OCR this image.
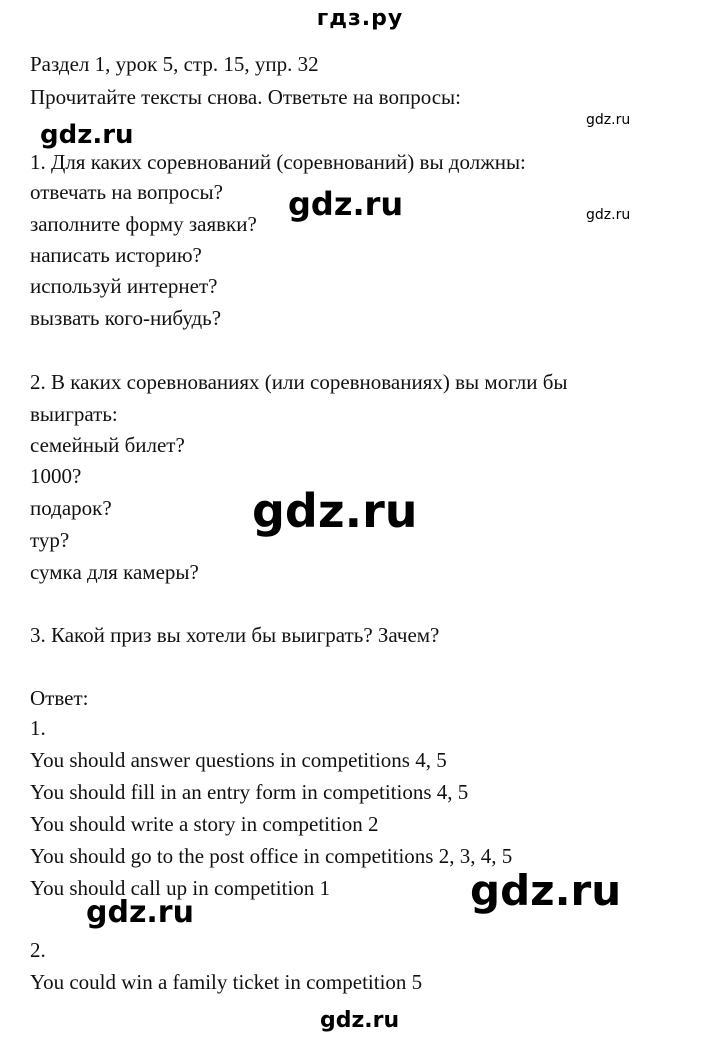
гдз.ру
Раздел 1, урок 5, стр. 15, упр. 32
Прочитайте тексты снова. Ответьте на вопросы:
gdz.ru	gdz.ru
1. Для каких соревнований (соревнований) вы должны:
отвечать на вопросы?
заполните форму заявки?
gdz.ru	gdz.ru
написать историю?
используй интернет?
вызвать кого-нибудь?
2. В каких соревнованиях (или соревнованиях) вы могли бы
выиграть:
семейный билет?
1000?
подарок?	gdz.ru
тур?
сумка для камеры?
3. Какой приз вы хотели бы выиграть? Зачем?
Ответ:
1.
You should answer questions in competitions 4, 5
You should fill in an entry form in competitions 4, 5
You should write a story in competition 2
You should go to the post office in competitions 2, 3, 4, 5
You should call up in competition 1	gdz.ru
gdz.ru
2.
You could win a family ticket in competition 5
gdz.ru
